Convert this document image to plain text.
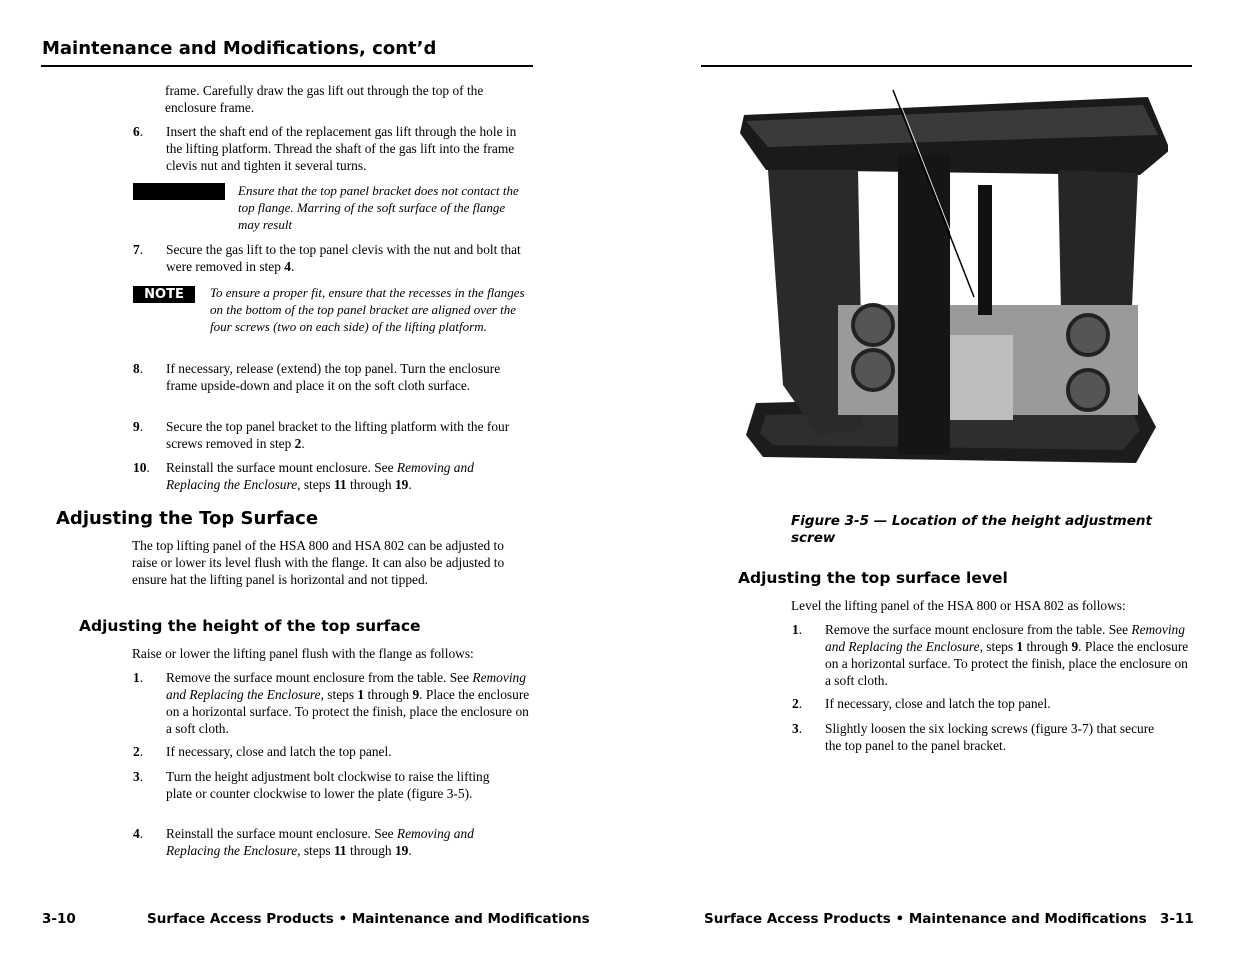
Maintenance and Modifications, cont’d
frame. Carefully draw the gas lift out through the top of the enclosure frame.
6.	Insert the shaft end of the replacement gas lift through the hole in the lifting platform. Thread the shaft of the gas lift into the frame clevis nut and tighten it several turns.
Ensure that the top panel bracket does not contact the top flange. Marring of the soft surface of the flange may result
7.	Secure the gas lift to the top panel clevis with the nut and bolt that were removed in step 4.
NOTE	To ensure a proper fit, ensure that the recesses in the flanges on the bottom of the top panel bracket are aligned over the four screws (two on each side) of the lifting platform.
8.	If necessary, release (extend) the top panel. Turn the enclosure frame upside-down and place it on the soft cloth surface.
9.	Secure the top panel bracket to the lifting platform with the four screws removed in step 2.
10.	Reinstall the surface mount enclosure. See Removing and Replacing the Enclosure, steps 11 through 19.
Adjusting the Top Surface
The top lifting panel of the HSA 800 and HSA 802 can be adjusted to raise or lower its level flush with the flange. It can also be adjusted to ensure hat the lifting panel is horizontal and not tipped.
Adjusting the height of the top surface
Raise or lower the lifting panel flush with the flange as follows:
1.	Remove the surface mount enclosure from the table. See Removing and Replacing the Enclosure, steps 1 through 9. Place the enclosure on a horizontal surface. To protect the finish, place the enclosure on a soft cloth.
2.	If necessary, close and latch the top panel.
3.	Turn the height adjustment bolt clockwise to raise the lifting plate or counter clockwise to lower the plate (figure 3-5).
4.	Reinstall the surface mount enclosure. See Removing and Replacing the Enclosure, steps 11 through 19.
3-10	Surface Access Products • Maintenance and Modifications
Figure 3-5 — Location of the height adjustment screw
Adjusting the top surface level
Level the lifting panel of the HSA 800 or HSA 802 as follows:
1.	Remove the surface mount enclosure from the table. See Removing and Replacing the Enclosure, steps 1 through 9. Place the enclosure on a horizontal surface. To protect the finish, place the enclosure on a soft cloth.
2.	If necessary, close and latch the top panel.
3.	Slightly loosen the six locking screws (figure 3-7) that secure the top panel to the panel bracket.
Surface Access Products • Maintenance and Modifications 3-11
